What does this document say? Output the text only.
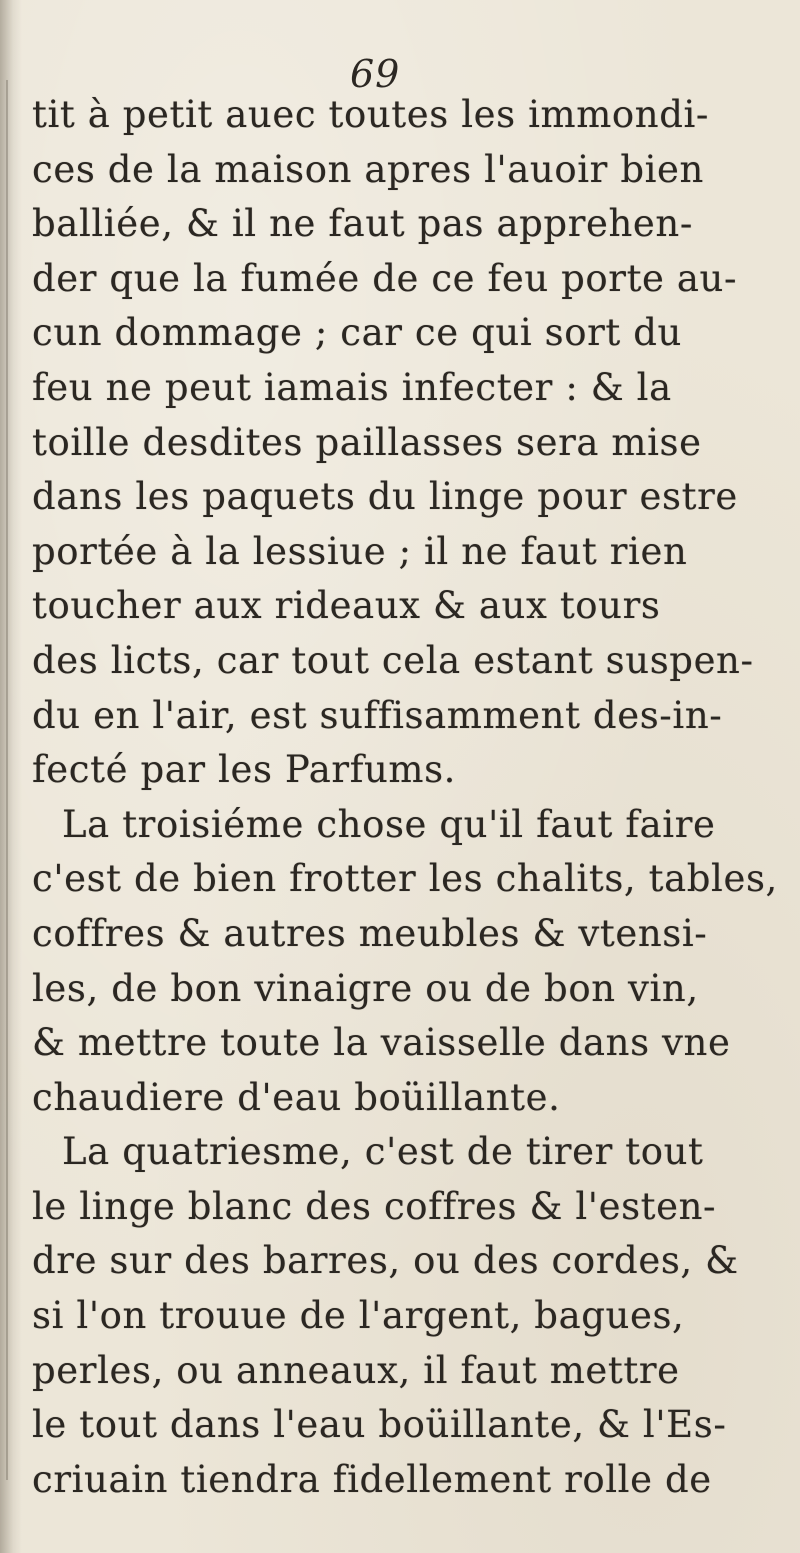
69
tit à petit auec toutes les immondi-
ces de la maison apres l'auoir bien
balliée, & il ne faut pas apprehen-
der que la fumée de ce feu porte au-
cun dommage ; car ce qui sort du
feu ne peut iamais infecter : & la
toille desdites paillasses sera mise
dans les paquets du linge pour estre
portée à la lessiue ; il ne faut rien
toucher aux rideaux & aux tours
des licts, car tout cela estant suspen-
du en l'air, est suffisamment des-in-
fecté par les Parfums.
La troisiéme chose qu'il faut faire
c'est de bien frotter les chalits, tables,
coffres & autres meubles & vtensi-
les, de bon vinaigre ou de bon vin,
& mettre toute la vaisselle dans vne
chaudiere d'eau boüillante.
La quatriesme, c'est de tirer tout
le linge blanc des coffres & l'esten-
dre sur des barres, ou des cordes, &
si l'on trouue de l'argent, bagues,
perles, ou anneaux, il faut mettre
le tout dans l'eau boüillante, & l'Es-
criuain tiendra fidellement rolle de
